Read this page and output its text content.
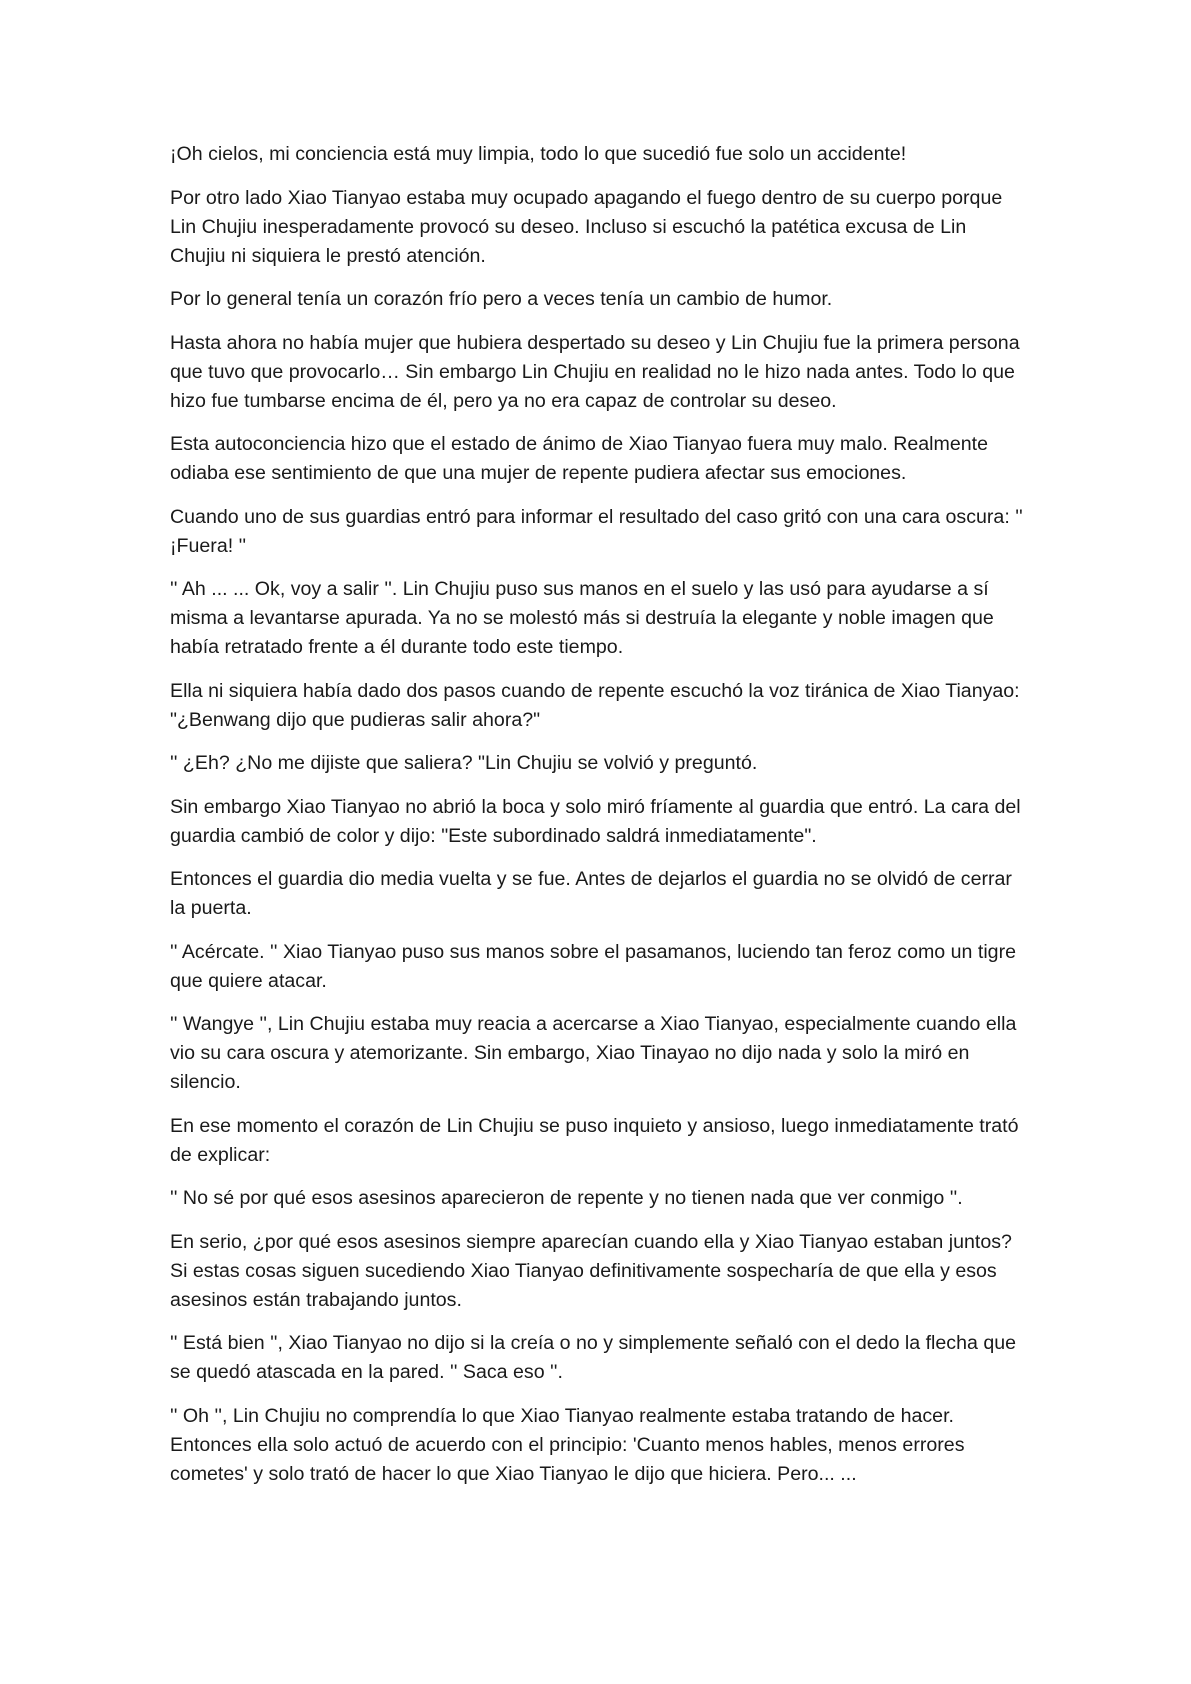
¡Oh cielos, mi conciencia está muy limpia, todo lo que sucedió fue solo un accidente!

Por otro lado Xiao Tianyao estaba muy ocupado apagando el fuego dentro de su cuerpo porque Lin Chujiu inesperadamente provocó su deseo. Incluso si escuchó la patética excusa de Lin Chujiu ni siquiera le prestó atención.

Por lo general tenía un corazón frío pero a veces tenía un cambio de humor.

Hasta ahora no había mujer que hubiera despertado su deseo y Lin Chujiu fue la primera persona que tuvo que provocarlo… Sin embargo Lin Chujiu en realidad no le hizo nada antes. Todo lo que hizo fue tumbarse encima de él, pero ya no era capaz de controlar su deseo.

Esta autoconciencia hizo que el estado de ánimo de Xiao Tianyao fuera muy malo. Realmente odiaba ese sentimiento de que una mujer de repente pudiera afectar sus emociones.

Cuando uno de sus guardias entró para informar el resultado del caso gritó con una cara oscura: '' ¡Fuera! ''

'' Ah ... ... Ok, voy a salir ''. Lin Chujiu puso sus manos en el suelo y las usó para ayudarse a sí misma a levantarse apurada. Ya no se molestó más si destruía la elegante y noble imagen que había retratado frente a él durante todo este tiempo.

Ella ni siquiera había dado dos pasos cuando de repente escuchó la voz tiránica de Xiao Tianyao: "¿Benwang dijo que pudieras salir ahora?"

'' ¿Eh? ¿No me dijiste que saliera? "Lin Chujiu se volvió y preguntó.

Sin embargo Xiao Tianyao no abrió la boca y solo miró fríamente al guardia que entró. La cara del guardia cambió de color y dijo: "Este subordinado saldrá inmediatamente".

Entonces el guardia dio media vuelta y se fue. Antes de dejarlos el guardia no se olvidó de cerrar la puerta.

'' Acércate. '' Xiao Tianyao puso sus manos sobre el pasamanos, luciendo tan feroz como un tigre que quiere atacar.

'' Wangye '', Lin Chujiu estaba muy reacia a acercarse a Xiao Tianyao, especialmente cuando ella vio su cara oscura y atemorizante. Sin embargo, Xiao Tinayao no dijo nada y solo la miró en silencio.

En ese momento el corazón de Lin Chujiu se puso inquieto y ansioso, luego inmediatamente trató de explicar:

'' No sé por qué esos asesinos aparecieron de repente y no tienen nada que ver conmigo ''.

En serio, ¿por qué esos asesinos siempre aparecían cuando ella y Xiao Tianyao estaban juntos? Si estas cosas siguen sucediendo Xiao Tianyao definitivamente sospecharía de que ella y esos asesinos están trabajando juntos.

'' Está bien '', Xiao Tianyao no dijo si la creía o no y simplemente señaló con el dedo la flecha que se quedó atascada en la pared. '' Saca eso ''.

'' Oh '', Lin Chujiu no comprendía lo que Xiao Tianyao realmente estaba tratando de hacer. Entonces ella solo actuó de acuerdo con el principio: 'Cuanto menos hables, menos errores cometes' y solo trató de hacer lo que Xiao Tianyao le dijo que hiciera. Pero... ...
